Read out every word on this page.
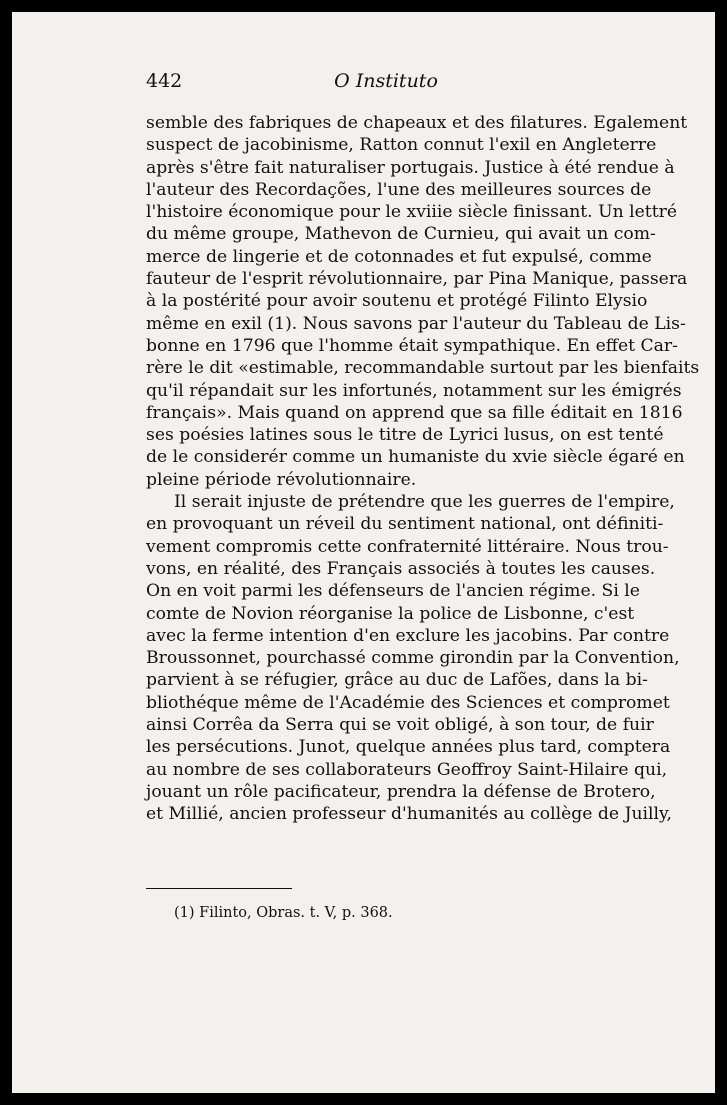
442	O Instituto
semble des fabriques de chapeaux et des filatures. Egalement
suspect de jacobinisme, Ratton connut l'exil en Angleterre
après s'être fait naturaliser portugais. Justice à été rendue à
l'auteur des Recordações, l'une des meilleures sources de
l'histoire économique pour le xviiie siècle finissant. Un lettré
du même groupe, Mathevon de Curnieu, qui avait un com-
merce de lingerie et de cotonnades et fut expulsé, comme
fauteur de l'esprit révolutionnaire, par Pina Manique, passera
à la postérité pour avoir soutenu et protégé Filinto Elysio
même en exil (1). Nous savons par l'auteur du Tableau de Lis-
bonne en 1796 que l'homme était sympathique. En effet Car-
rère le dit «estimable, recommandable surtout par les bienfaits
qu'il répandait sur les infortunés, notamment sur les émigrés
français». Mais quand on apprend que sa fille éditait en 1816
ses poésies latines sous le titre de Lyrici lusus, on est tenté
de le considerér comme un humaniste du xvie siècle égaré en
pleine période révolutionnaire.
Il serait injuste de prétendre que les guerres de l'empire,
en provoquant un réveil du sentiment national, ont définiti-
vement compromis cette confraternité littéraire. Nous trou-
vons, en réalité, des Français associés à toutes les causes.
On en voit parmi les défenseurs de l'ancien régime. Si le
comte de Novion réorganise la police de Lisbonne, c'est
avec la ferme intention d'en exclure les jacobins. Par contre
Broussonnet, pourchassé comme girondin par la Convention,
parvient à se réfugier, grâce au duc de Lafões, dans la bi-
bliothéque même de l'Académie des Sciences et compromet
ainsi Corrêa da Serra qui se voit obligé, à son tour, de fuir
les persécutions. Junot, quelque années plus tard, comptera
au nombre de ses collaborateurs Geoffroy Saint-Hilaire qui,
jouant un rôle pacificateur, prendra la défense de Brotero,
et Millié, ancien professeur d'humanités au collège de Juilly,
(1) Filinto, Obras. t. V, p. 368.
